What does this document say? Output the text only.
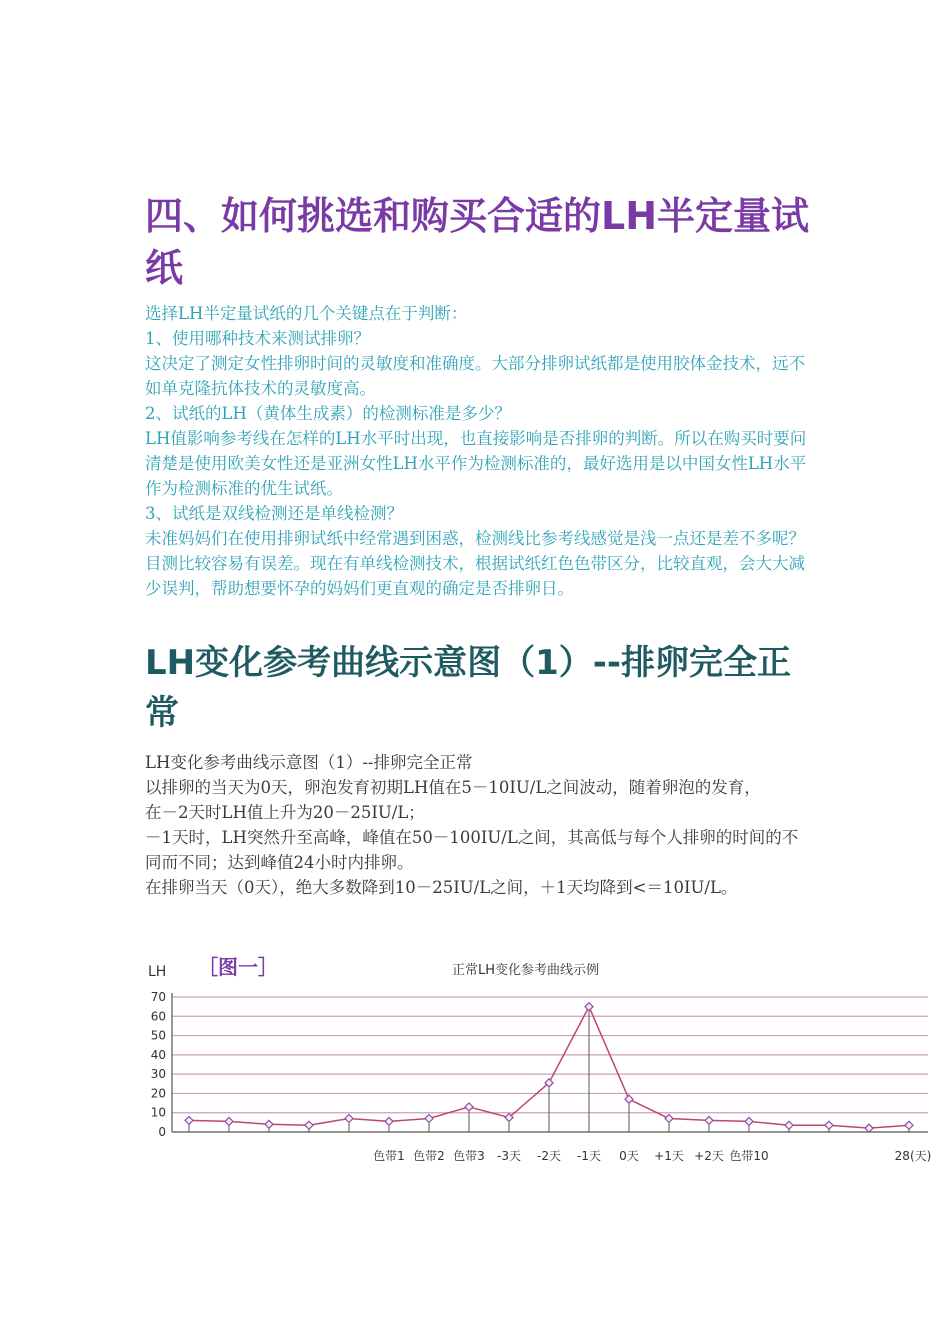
四、如何挑选和购买合适的LH半定量试纸
选择LH半定量试纸的几个关键点在于判断：
1、使用哪种技术来测试排卵？
这决定了测定女性排卵时间的灵敏度和准确度。大部分排卵试纸都是使用胶体金技术，远不如单克隆抗体技术的灵敏度高。
2、试纸的LH（黄体生成素）的检测标准是多少？
LH值影响参考线在怎样的LH水平时出现，也直接影响是否排卵的判断。所以在购买时要问清楚是使用欧美女性还是亚洲女性LH水平作为检测标准的，最好选用是以中国女性LH水平作为检测标准的优生试纸。
3、试纸是双线检测还是单线检测？
未准妈妈们在使用排卵试纸中经常遇到困惑，检测线比参考线感觉是浅一点还是差不多呢？目测比较容易有误差。现在有单线检测技术，根据试纸红色色带区分，比较直观，会大大减少误判，帮助想要怀孕的妈妈们更直观的确定是否排卵日。
LH变化参考曲线示意图（1）--排卵完全正常
LH变化参考曲线示意图（1）--排卵完全正常
以排卵的当天为0天，卵泡发育初期LH值在5－10IU/L之间波动，随着卵泡的发育，
在－2天时LH值上升为20－25IU/L；
－1天时，LH突然升至高峰，峰值在50－100IU/L之间，其高低与每个人排卵的时间的不同而不同；达到峰值24小时内排卵。
在排卵当天（0天），绝大多数降到10－25IU/L之间，＋1天均降到<＝10IU/L。
LH ［图一］	正常LH变化参考曲线示例
0
10
20
30
40
50
60
70
色带1 色带2 色带3 -3天 -2天 -1天 0天 +1天 +2天 色带10	28(天)
